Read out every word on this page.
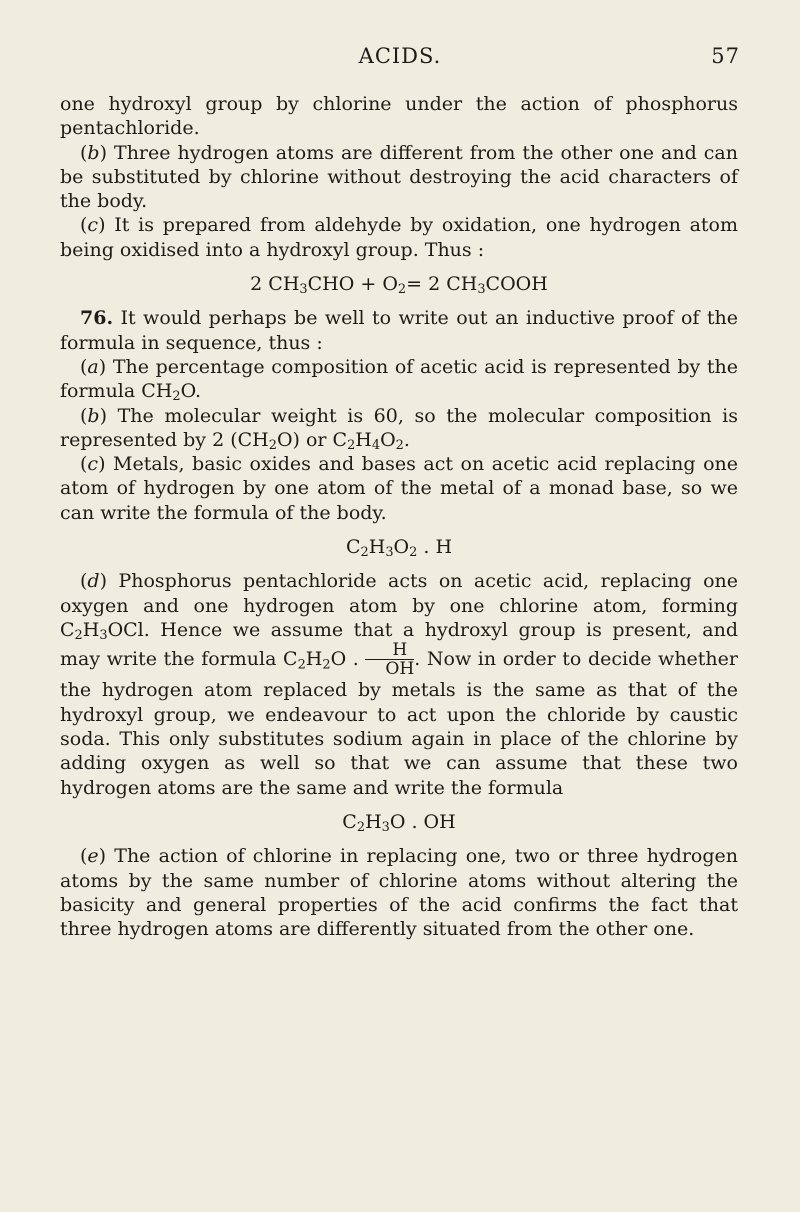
ACIDS.	57

one hydroxyl group by chlorine under the action of phosphorus pentachloride.

(b) Three hydrogen atoms are different from the other one and can be substituted by chlorine without destroying the acid characters of the body.

(c) It is prepared from aldehyde by oxidation, one hydrogen atom being oxidised into a hydroxyl group. Thus :

2 $CH_3CHO + O_2= 2$ $CH_3COOH$

76. It would perhaps be well to write out an inductive proof of the formula in sequence, thus :

(a) The percentage composition of acetic acid is represented by the formula $CH_2O$.

(b) The molecular weight is 60, so the molecular composition is represented by 2 $(CH_2O)$ or $C_2H_4O_2$.

(c) Metals, basic oxides and bases act on acetic acid replacing one atom of hydrogen by one atom of the metal of a monad base, so we can write the formula of the body.

$C_2H_3O_2$ . H

(d) Phosphorus pentachloride acts on acetic acid, replacing one oxygen and one hydrogen atom by one chlorine atom, forming $C_2H_3OCl$. Hence we assume that a hydroxyl group is present, and may write the formula $C_2H_2O$ . $\frac{H}{OH}$ . Now in order to decide whether the hydrogen atom replaced by metals is the same as that of the hydroxyl group, we endeavour to act upon the chloride by caustic soda. This only substitutes sodium again in place of the chlorine by adding oxygen as well so that we can assume that these two hydrogen atoms are the same and write the formula

$C_2H_3O$ . OH

(e) The action of chlorine in replacing one, two or three hydrogen atoms by the same number of chlorine atoms without altering the basicity and general properties of the acid confirms the fact that three hydrogen atoms are differently situated from the other one.
